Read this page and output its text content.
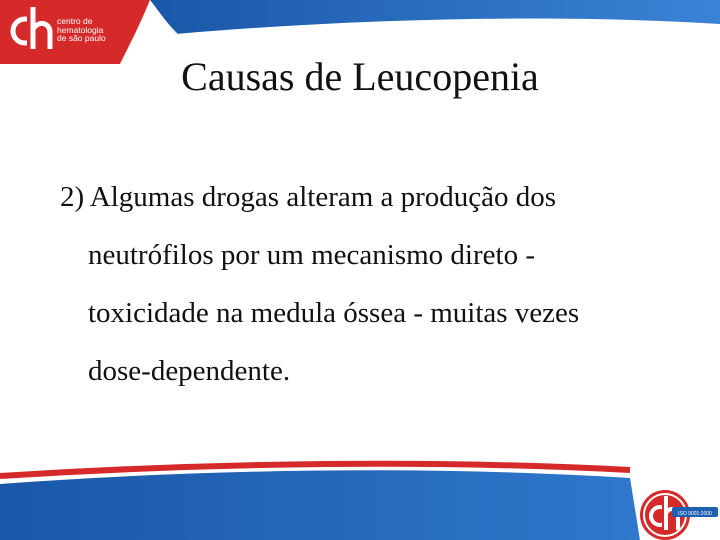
centro de
hematologia
de são paulo
Causas de Leucopenia
2) Algumas drogas alteram a produção dos
neutrófilos por um mecanismo direto -
toxicidade na medula óssea - muitas vezes
dose-dependente.
ISO 9001:2000
